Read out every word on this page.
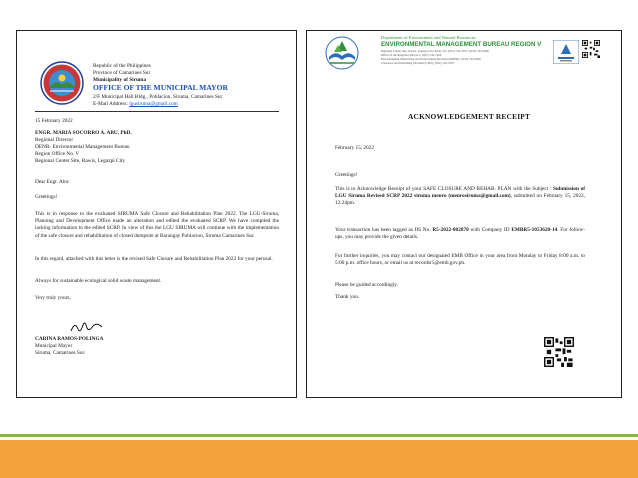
Republic of the Philippines
Province of Camarines Sur
Municipality of Siruma
OFFICE OF THE MUNICIPAL MAYOR
2/F Municipal Hall Bldg., Poblacion, Siruma, Camarines Sur
E-Mail Address: lgusiruma@gmail.com
15 February 2022
ENGR. MARIA SOCORRO A. ABU, PhD.
Regional Director
DENR- Environmental Management Bureau
Region Office No. V
Regional Center Site, Rawis, Legazpi City
Dear Engr. Abu:
Greetings!
This is in response to the evaluated SIRUMA Safe Closure and Rehabilitation Plan 2022. The LGU-Siruma, Planning and Development Office made an alteration and edited the evaluated SCRP. We have compiled the lacking information to the edited SCRP. In view of this the LGU SIRUMA will continue with the implementation of the safe closure and rehabilitation of closed dumpsite at Barangay Poblacion, Siruma Camarines Sur.
In this regard, attached with this letter is the revised Safe Closure and Rehabilitation Plan 2022 for your perusal.
Always for sustainable ecological solid waste management.
Very truly yours,
CARINA RAMOS-POLINGA
Municipal Mayor
Siruma, Camarines Sur.
Department of Environment and Natural Resources
ENVIRONMENTAL MANAGEMENT BUREAU REGION V
Regional Center Site, Rawis, Legazpi City Albay Tel. (052) 742-4797 | (052) 742-6066
Office of the Regional Director | (052) 742-7266
Environmental Monitoring and Enforcement Division (EMED) | (052) 742-6066
Clearance and Permitting Division (CPD) | (052) 742-4797
ACKNOWLEDGEMENT RECEIPT
February 15, 2022
Greetings!
This is to Acknowledge Receipt of your SAFE CLOSURE AND REHAB. PLAN with the Subject : Submission of LGU Siruma Revised SCRP 2022 siruma menro (menrosiruma@gmail.com), submitted on February 15, 2022, 12:24pm.
Your transaction has been tagged as IIS No. R5-2022-002870 with Company ID EMBR5-1053620-14. For follow-ups, you may provide the given details.
For further inquiries, you may contact our designated EMB Office in your area from Monday to Friday 8:00 a.m. to 5:00 p.m. office hours, or email us at recordsr5@emb.gov.ph.
Please be guided accordingly.
Thank you.
